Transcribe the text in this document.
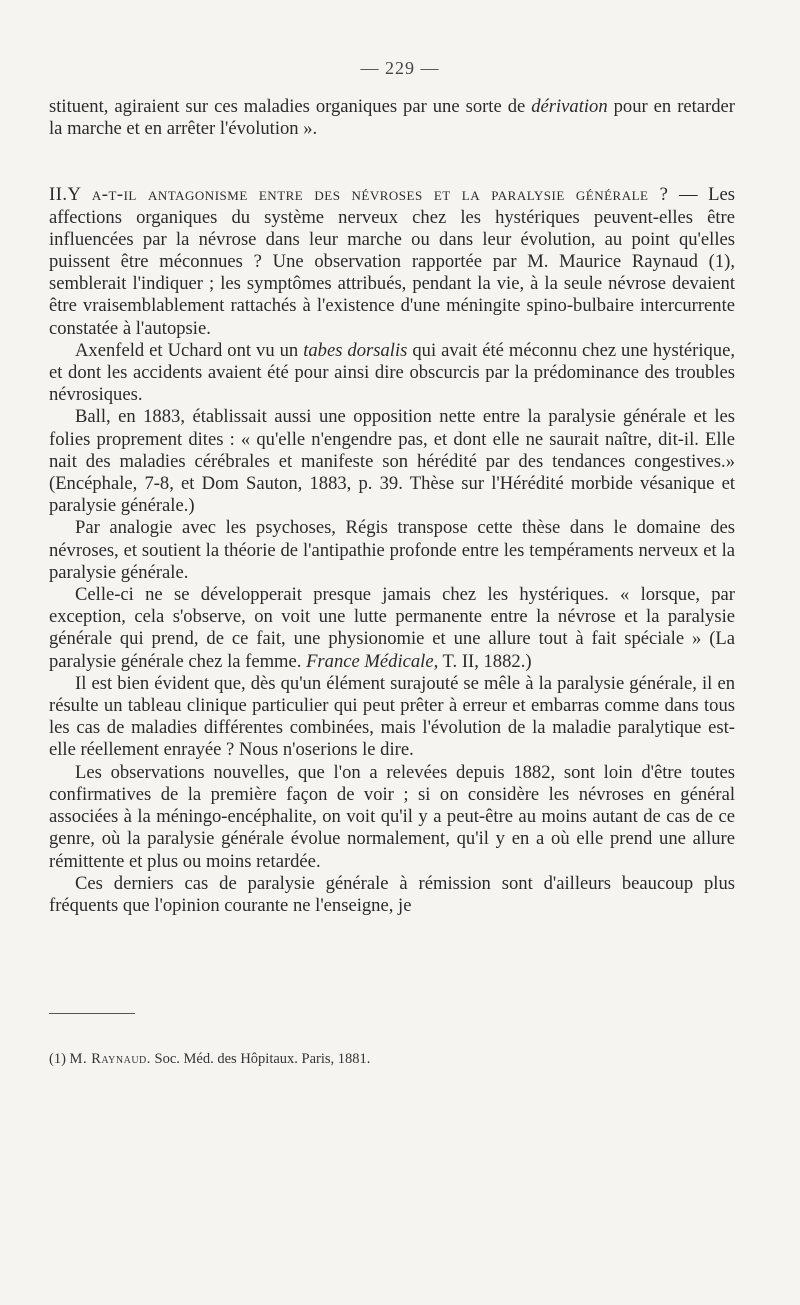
— 229 —

stituent, agiraient sur ces maladies organiques par une sorte de dérivation pour en retarder la marche et en arrêter l'évolution ».

II.Y a-t-il antagonisme entre des névroses et la paralysie générale ? — Les affections organiques du système nerveux chez les hystériques peuvent-elles être influencées par la névrose dans leur marche ou dans leur évolution, au point qu'elles puissent être méconnues ? Une observation rapportée par M. Maurice Raynaud (1), semblerait l'indiquer ; les symptômes attribués, pendant la vie, à la seule névrose devaient être vraisemblablement rattachés à l'existence d'une méningite spino-bulbaire intercurrente constatée à l'autopsie.

Axenfeld et Uchard ont vu un tabes dorsalis qui avait été méconnu chez une hystérique, et dont les accidents avaient été pour ainsi dire obscurcis par la prédominance des troubles névrosiques.

Ball, en 1883, établissait aussi une opposition nette entre la paralysie générale et les folies proprement dites : « qu'elle n'engendre pas, et dont elle ne saurait naître, dit-il. Elle nait des maladies cérébrales et manifeste son hérédité par des tendances congestives.» (Encéphale, 7-8, et Dom Sauton, 1883, p. 39. Thèse sur l'Hérédité morbide vésanique et paralysie générale.)

Par analogie avec les psychoses, Régis transpose cette thèse dans le domaine des névroses, et soutient la théorie de l'antipathie profonde entre les tempéraments nerveux et la paralysie générale.

Celle-ci ne se développerait presque jamais chez les hystériques. « lorsque, par exception, cela s'observe, on voit une lutte permanente entre la névrose et la paralysie générale qui prend, de ce fait, une physionomie et une allure tout à fait spéciale » (La paralysie générale chez la femme. France Médicale, T. II, 1882.)

Il est bien évident que, dès qu'un élément surajouté se mêle à la paralysie générale, il en résulte un tableau clinique particulier qui peut prêter à erreur et embarras comme dans tous les cas de maladies différentes combinées, mais l'évolution de la maladie paralytique est-elle réellement enrayée ? Nous n'oserions le dire.

Les observations nouvelles, que l'on a relevées depuis 1882, sont loin d'être toutes confirmatives de la première façon de voir ; si on considère les névroses en général associées à la méningo-encéphalite, on voit qu'il y a peut-être au moins autant de cas de ce genre, où la paralysie générale évolue normalement, qu'il y en a où elle prend une allure rémittente et plus ou moins retardée.

Ces derniers cas de paralysie générale à rémission sont d'ailleurs beaucoup plus fréquents que l'opinion courante ne l'enseigne, je

(1) M. Raynaud. Soc. Méd. des Hôpitaux. Paris, 1881.
